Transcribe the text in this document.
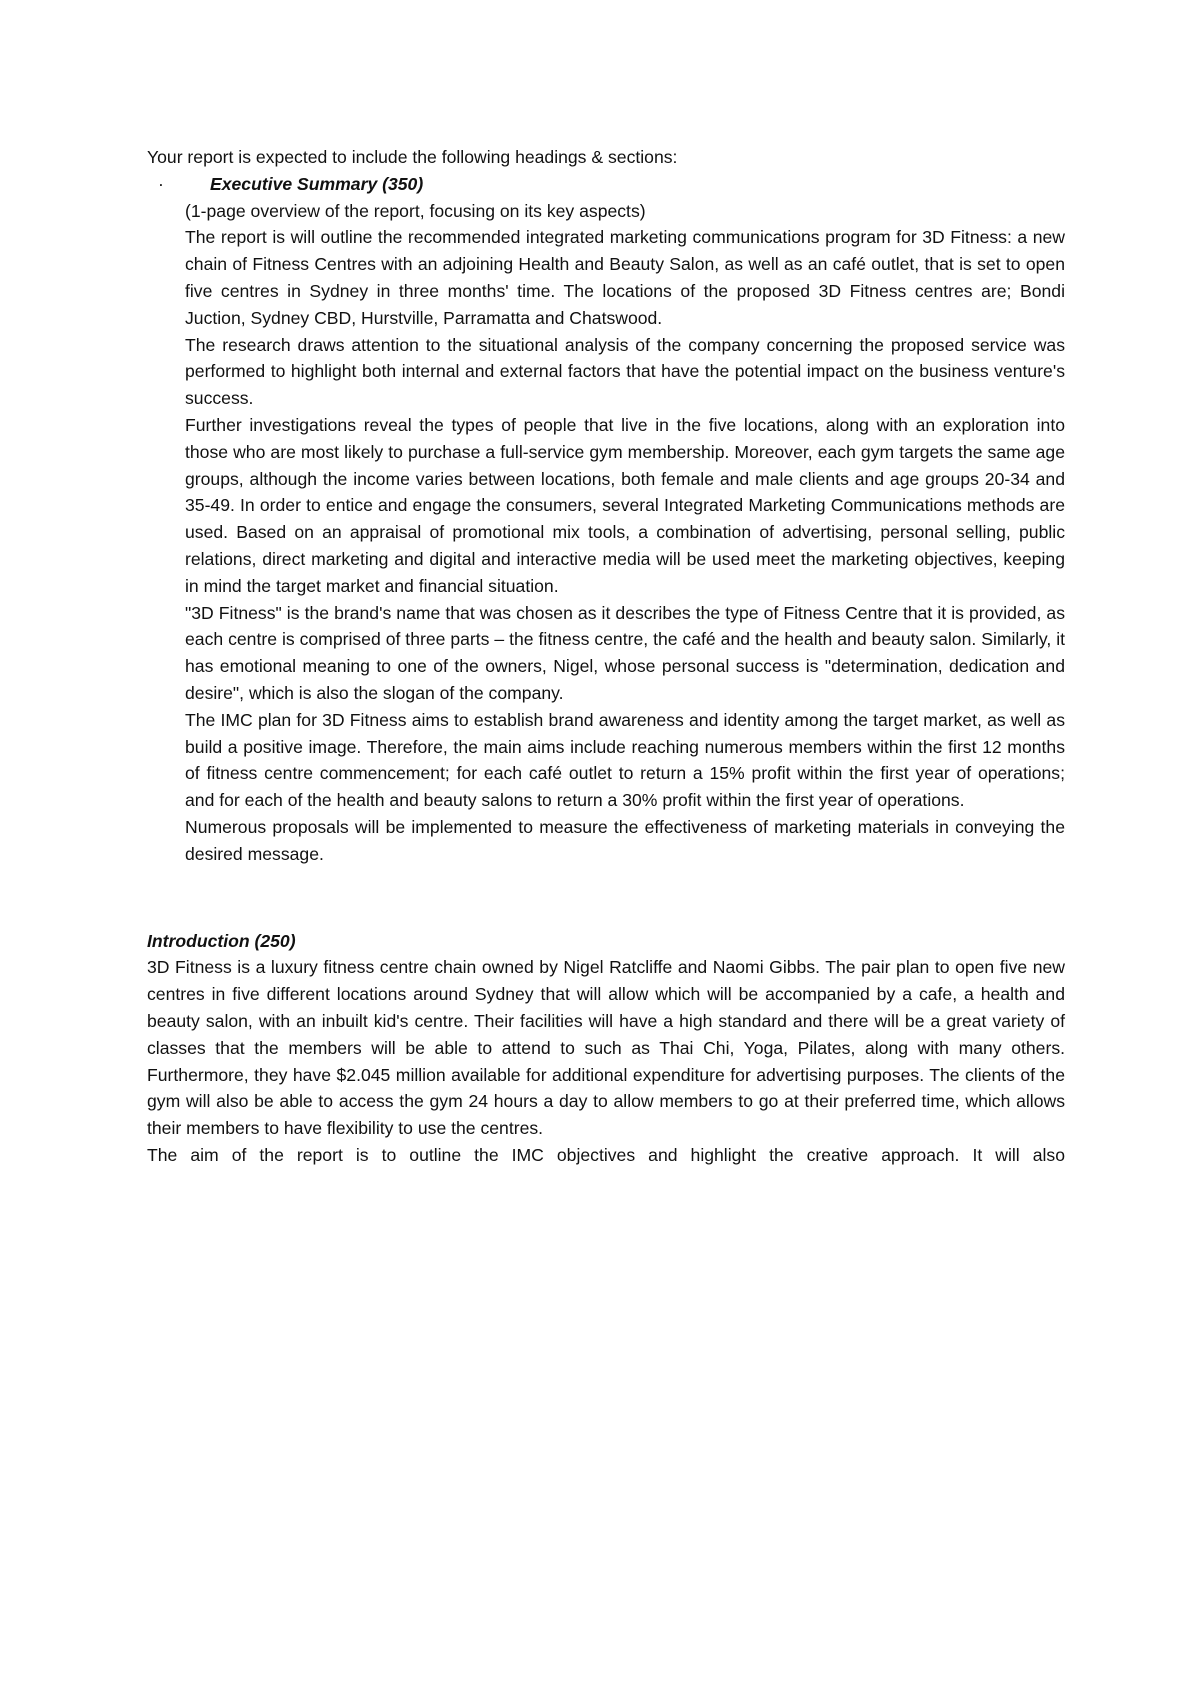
Your report is expected to include the following headings & sections:
·	Executive Summary (350)
(1-page overview of the report, focusing on its key aspects)

The report is will outline the recommended integrated marketing communications program for 3D Fitness: a new chain of Fitness Centres with an adjoining Health and Beauty Salon, as well as an café outlet, that is set to open five centres in Sydney in three months' time. The locations of the proposed 3D Fitness centres are; Bondi Juction, Sydney CBD, Hurstville, Parramatta and Chatswood.

The research draws attention to the situational analysis of the company concerning the proposed service was performed to highlight both internal and external factors that have the potential impact on the business venture's success.

Further investigations reveal the types of people that live in the five locations, along with an exploration into those who are most likely to purchase a full-service gym membership. Moreover, each gym targets the same age groups, although the income varies between locations, both female and male clients and age groups 20-34 and 35-49. In order to entice and engage the consumers, several Integrated Marketing Communications methods are used. Based on an appraisal of promotional mix tools, a combination of advertising, personal selling, public relations, direct marketing and digital and interactive media will be used meet the marketing objectives, keeping in mind the target market and financial situation.

"3D Fitness" is the brand's name that was chosen as it describes the type of Fitness Centre that it is provided, as each centre is comprised of three parts – the fitness centre, the café and the health and beauty salon. Similarly, it has emotional meaning to one of the owners, Nigel, whose personal success is "determination, dedication and desire", which is also the slogan of the company.

The IMC plan for 3D Fitness aims to establish brand awareness and identity among the target market, as well as build a positive image. Therefore, the main aims include reaching numerous members within the first 12 months of fitness centre commencement; for each café outlet to return a 15% profit within the first year of operations; and for each of the health and beauty salons to return a 30% profit within the first year of operations.

Numerous proposals will be implemented to measure the effectiveness of marketing materials in conveying the desired message.

Introduction (250)

3D Fitness is a luxury fitness centre chain owned by Nigel Ratcliffe and Naomi Gibbs. The pair plan to open five new centres in five different locations around Sydney that will allow which will be accompanied by a cafe, a health and beauty salon, with an inbuilt kid's centre. Their facilities will have a high standard and there will be a great variety of classes that the members will be able to attend to such as Thai Chi, Yoga, Pilates, along with many others. Furthermore, they have $2.045 million available for additional expenditure for advertising purposes. The clients of the gym will also be able to access the gym 24 hours a day to allow members to go at their preferred time, which allows their members to have flexibility to use the centres.

The aim of the report is to outline the IMC objectives and highlight the creative approach. It will also
